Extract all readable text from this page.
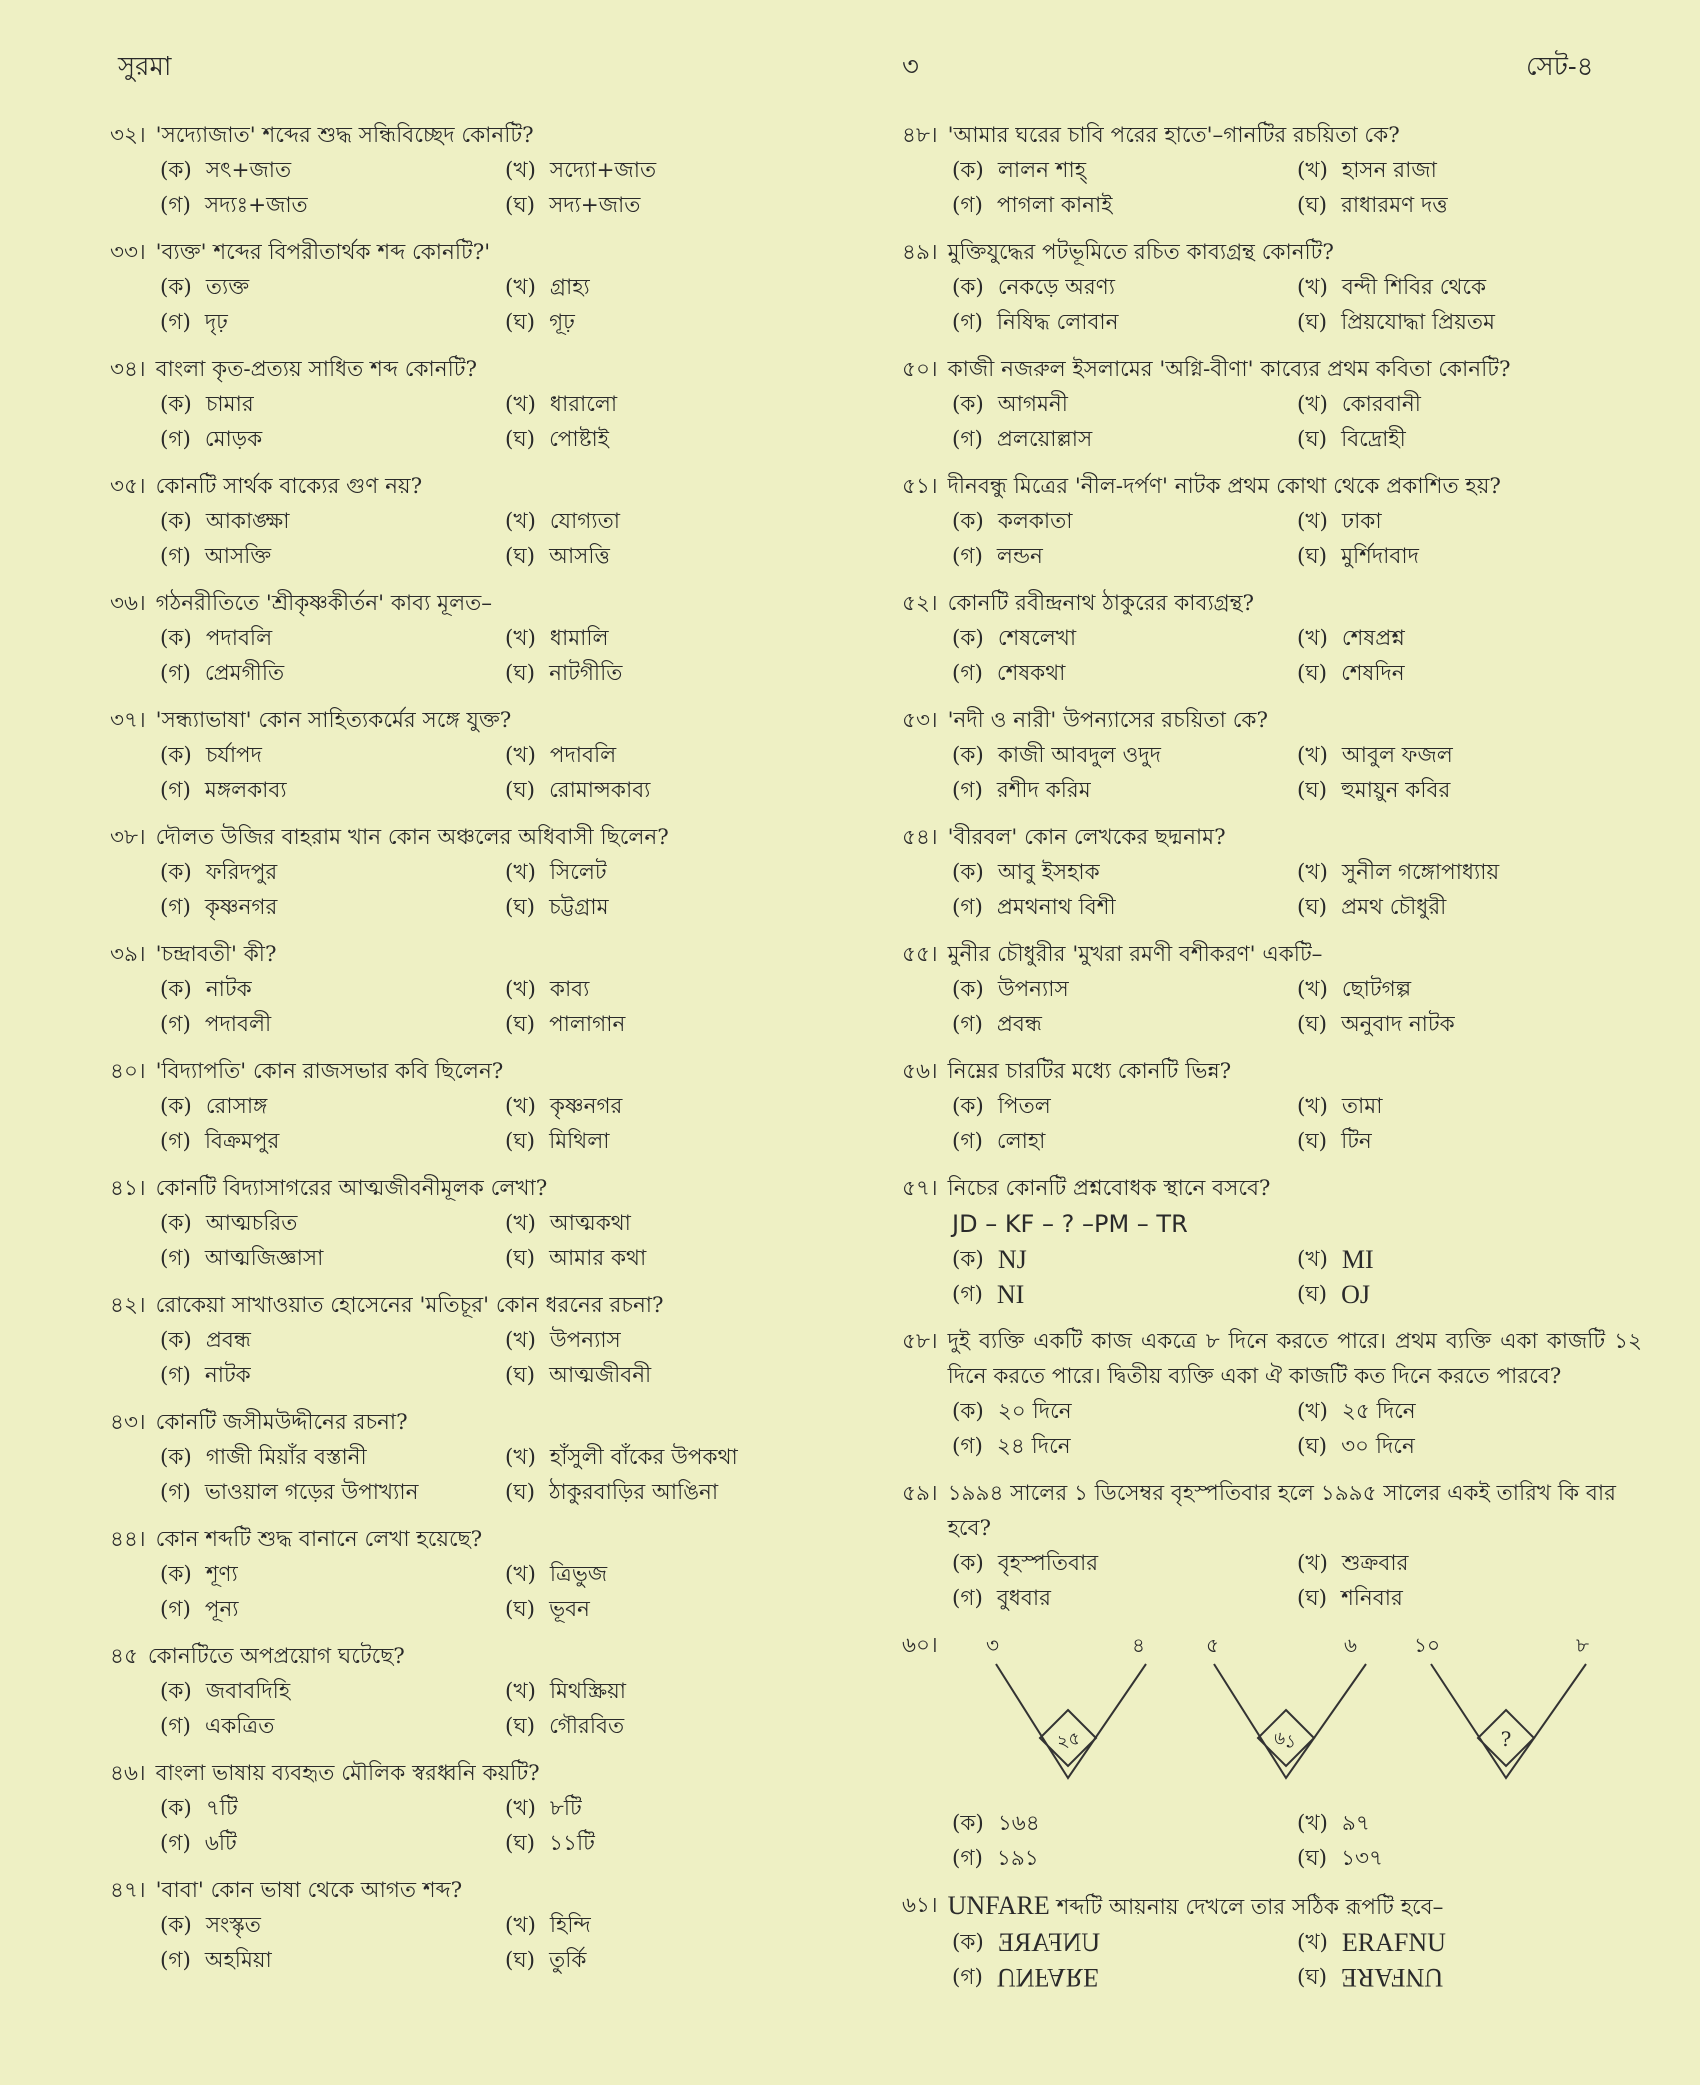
সুরমা	৩	সেট-৪
৩২। 'সদ্যোজাত' শব্দের শুদ্ধ সন্ধিবিচ্ছেদ কোনটি?
(ক) সৎ+জাত	(খ) সদ্যো+জাত
(গ) সদ্যঃ+জাত	(ঘ) সদ্য+জাত
৩৩। 'ব্যক্ত' শব্দের বিপরীতার্থক শব্দ কোনটি?'
(ক) ত্যক্ত	(খ) গ্রাহ্য
(গ) দৃঢ়	(ঘ) গূঢ়
৩৪। বাংলা কৃত-প্রত্যয় সাধিত শব্দ কোনটি?
(ক) চামার	(খ) ধারালো
(গ) মোড়ক	(ঘ) পোষ্টাই
৩৫। কোনটি সার্থক বাক্যের গুণ নয়?
(ক) আকাঙ্ক্ষা	(খ) যোগ্যতা
(গ) আসক্তি	(ঘ) আসত্তি
৩৬। গঠনরীতিতে 'শ্রীকৃষ্ণকীর্তন' কাব্য মূলত–
(ক) পদাবলি	(খ) ধামালি
(গ) প্রেমগীতি	(ঘ) নাটগীতি
৩৭। 'সন্ধ্যাভাষা' কোন সাহিত্যকর্মের সঙ্গে যুক্ত?
(ক) চর্যাপদ	(খ) পদাবলি
(গ) মঙ্গলকাব্য	(ঘ) রোমান্সকাব্য
৩৮। দৌলত উজির বাহরাম খান কোন অঞ্চলের অধিবাসী ছিলেন?
(ক) ফরিদপুর	(খ) সিলেট
(গ) কৃষ্ণনগর	(ঘ) চট্টগ্রাম
৩৯। 'চন্দ্রাবতী' কী?
(ক) নাটক	(খ) কাব্য
(গ) পদাবলী	(ঘ) পালাগান
৪০। 'বিদ্যাপতি' কোন রাজসভার কবি ছিলেন?
(ক) রোসাঙ্গ	(খ) কৃষ্ণনগর
(গ) বিক্রমপুর	(ঘ) মিথিলা
৪১। কোনটি বিদ্যাসাগরের আত্মজীবনীমূলক লেখা?
(ক) আত্মচরিত	(খ) আত্মকথা
(গ) আত্মজিজ্ঞাসা	(ঘ) আমার কথা
৪২। রোকেয়া সাখাওয়াত হোসেনের 'মতিচূর' কোন ধরনের রচনা?
(ক) প্রবন্ধ	(খ) উপন্যাস
(গ) নাটক	(ঘ) আত্মজীবনী
৪৩। কোনটি জসীমউদ্দীনের রচনা?
(ক) গাজী মিয়াঁর বস্তানী	(খ) হাঁসুলী বাঁকের উপকথা
(গ) ভাওয়াল গড়ের উপাখ্যান	(ঘ) ঠাকুরবাড়ির আঙিনা
৪৪। কোন শব্দটি শুদ্ধ বানানে লেখা হয়েছে?
(ক) শূণ্য	(খ) ত্রিভুজ
(গ) পূন্য	(ঘ) ভূবন
৪৫ কোনটিতে অপপ্রয়োগ ঘটেছে?
(ক) জবাবদিহি	(খ) মিথস্ক্রিয়া
(গ) একত্রিত	(ঘ) গৌরবিত
৪৬। বাংলা ভাষায় ব্যবহৃত মৌলিক স্বরধ্বনি কয়টি?
(ক) ৭টি	(খ) ৮টি
(গ) ৬টি	(ঘ) ১১টি
৪৭। 'বাবা' কোন ভাষা থেকে আগত শব্দ?
(ক) সংস্কৃত	(খ) হিন্দি
(গ) অহমিয়া	(ঘ) তুর্কি
৪৮। 'আমার ঘরের চাবি পরের হাতে'–গানটির রচয়িতা কে?
(ক) লালন শাহ্	(খ) হাসন রাজা
(গ) পাগলা কানাই	(ঘ) রাধারমণ দত্ত
৪৯। মুক্তিযুদ্ধের পটভূমিতে রচিত কাব্যগ্রন্থ কোনটি?
(ক) নেকড়ে অরণ্য	(খ) বন্দী শিবির থেকে
(গ) নিষিদ্ধ লোবান	(ঘ) প্রিয়যোদ্ধা প্রিয়তম
৫০। কাজী নজরুল ইসলামের 'অগ্নি-বীণা' কাব্যের প্রথম কবিতা কোনটি?
(ক) আগমনী	(খ) কোরবানী
(গ) প্রলয়োল্লাস	(ঘ) বিদ্রোহী
৫১। দীনবন্ধু মিত্রের 'নীল-দর্পণ' নাটক প্রথম কোথা থেকে প্রকাশিত হয়?
(ক) কলকাতা	(খ) ঢাকা
(গ) লন্ডন	(ঘ) মুর্শিদাবাদ
৫২। কোনটি রবীন্দ্রনাথ ঠাকুরের কাব্যগ্রন্থ?
(ক) শেষলেখা	(খ) শেষপ্রশ্ন
(গ) শেষকথা	(ঘ) শেষদিন
৫৩। 'নদী ও নারী' উপন্যাসের রচয়িতা কে?
(ক) কাজী আবদুল ওদুদ	(খ) আবুল ফজল
(গ) রশীদ করিম	(ঘ) হুমায়ুন কবির
৫৪। 'বীরবল' কোন লেখকের ছদ্মনাম?
(ক) আবু ইসহাক	(খ) সুনীল গঙ্গোপাধ্যায়
(গ) প্রমথনাথ বিশী	(ঘ) প্রমথ চৌধুরী
৫৫। মুনীর চৌধুরীর 'মুখরা রমণী বশীকরণ' একটি–
(ক) উপন্যাস	(খ) ছোটগল্প
(গ) প্রবন্ধ	(ঘ) অনুবাদ নাটক
৫৬। নিম্নের চারটির মধ্যে কোনটি ভিন্ন?
(ক) পিতল	(খ) তামা
(গ) লোহা	(ঘ) টিন
৫৭। নিচের কোনটি প্রশ্নবোধক স্থানে বসবে?
JD – KF – ? –PM – TR
(ক) NJ	(খ) MI
(গ) NI	(ঘ) OJ
৫৮। দুই ব্যক্তি একটি কাজ একত্রে ৮ দিনে করতে পারে। প্রথম ব্যক্তি একা কাজটি ১২ দিনে করতে পারে। দ্বিতীয় ব্যক্তি একা ঐ কাজটি কত দিনে করতে পারবে?
(ক) ২০ দিনে	(খ) ২৫ দিনে
(গ) ২৪ দিনে	(ঘ) ৩০ দিনে
৫৯। ১৯৯৪ সালের ১ ডিসেম্বর বৃহস্পতিবার হলে ১৯৯৫ সালের একই তারিখ কি বার হবে?
(ক) বৃহস্পতিবার	(খ) শুক্রবার
(গ) বুধবার	(ঘ) শনিবার
৬০। ৩	৪
২৫
৫	৬
৬১
১০	৮
?
(ক) ১৬৪	(খ) ৯৭
(গ) ১৯১	(ঘ) ১৩৭
৬১। UNFARE শব্দটি আয়নায় দেখলে তার সঠিক রূপটি হবে–
(ক) UNFARE	(খ) ERAFNU
(গ) UNFARE	(ঘ) UNFARE
